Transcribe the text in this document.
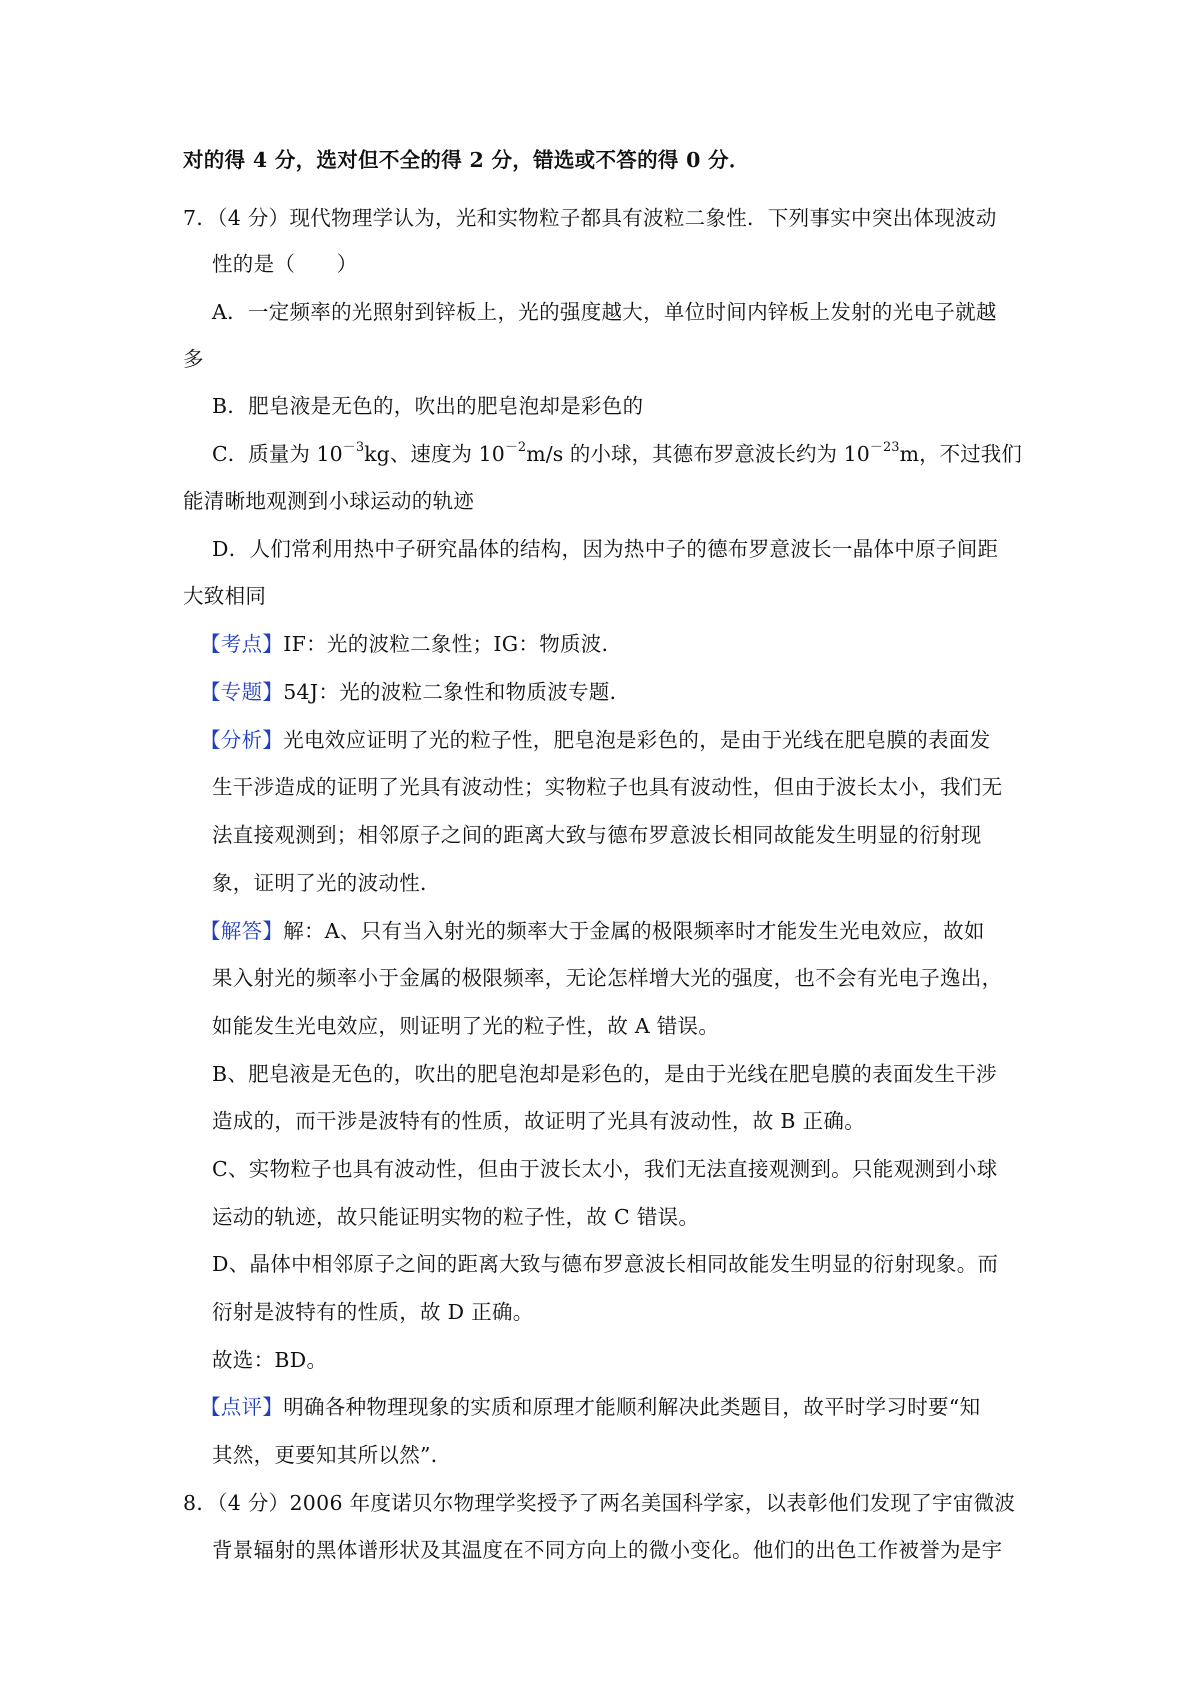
对的得 4 分，选对但不全的得 2 分，错选或不答的得 0 分．
7．（4 分）现代物理学认为，光和实物粒子都具有波粒二象性．下列事实中突出体现波动
性的是（　　）
A．一定频率的光照射到锌板上，光的强度越大，单位时间内锌板上发射的光电子就越
多
B．肥皂液是无色的，吹出的肥皂泡却是彩色的
C．质量为 $10^{-3}kg$、速度为 $10^{-2}m/s$ 的小球，其德布罗意波长约为 $10^{-23}m$，不过我们
能清晰地观测到小球运动的轨迹
D．人们常利用热中子研究晶体的结构，因为热中子的德布罗意波长一晶体中原子间距
大致相同
【考点】IF：光的波粒二象性；IG：物质波．
【专题】54J：光的波粒二象性和物质波专题．
【分析】光电效应证明了光的粒子性，肥皂泡是彩色的，是由于光线在肥皂膜的表面发
生干涉造成的证明了光具有波动性；实物粒子也具有波动性，但由于波长太小，我们无
法直接观测到；相邻原子之间的距离大致与德布罗意波长相同故能发生明显的衍射现
象，证明了光的波动性．
【解答】解：A、只有当入射光的频率大于金属的极限频率时才能发生光电效应，故如
果入射光的频率小于金属的极限频率，无论怎样增大光的强度，也不会有光电子逸出，
如能发生光电效应，则证明了光的粒子性，故 A 错误。
B、肥皂液是无色的，吹出的肥皂泡却是彩色的，是由于光线在肥皂膜的表面发生干涉
造成的，而干涉是波特有的性质，故证明了光具有波动性，故 B 正确。
C、实物粒子也具有波动性，但由于波长太小，我们无法直接观测到。只能观测到小球
运动的轨迹，故只能证明实物的粒子性，故 C 错误。
D、晶体中相邻原子之间的距离大致与德布罗意波长相同故能发生明显的衍射现象。而
衍射是波特有的性质，故 D 正确。
故选：BD。
【点评】明确各种物理现象的实质和原理才能顺利解决此类题目，故平时学习时要“知
其然，更要知其所以然”．
8．（4 分）2006 年度诺贝尔物理学奖授予了两名美国科学家，以表彰他们发现了宇宙微波
背景辐射的黑体谱形状及其温度在不同方向上的微小变化。他们的出色工作被誉为是宇
